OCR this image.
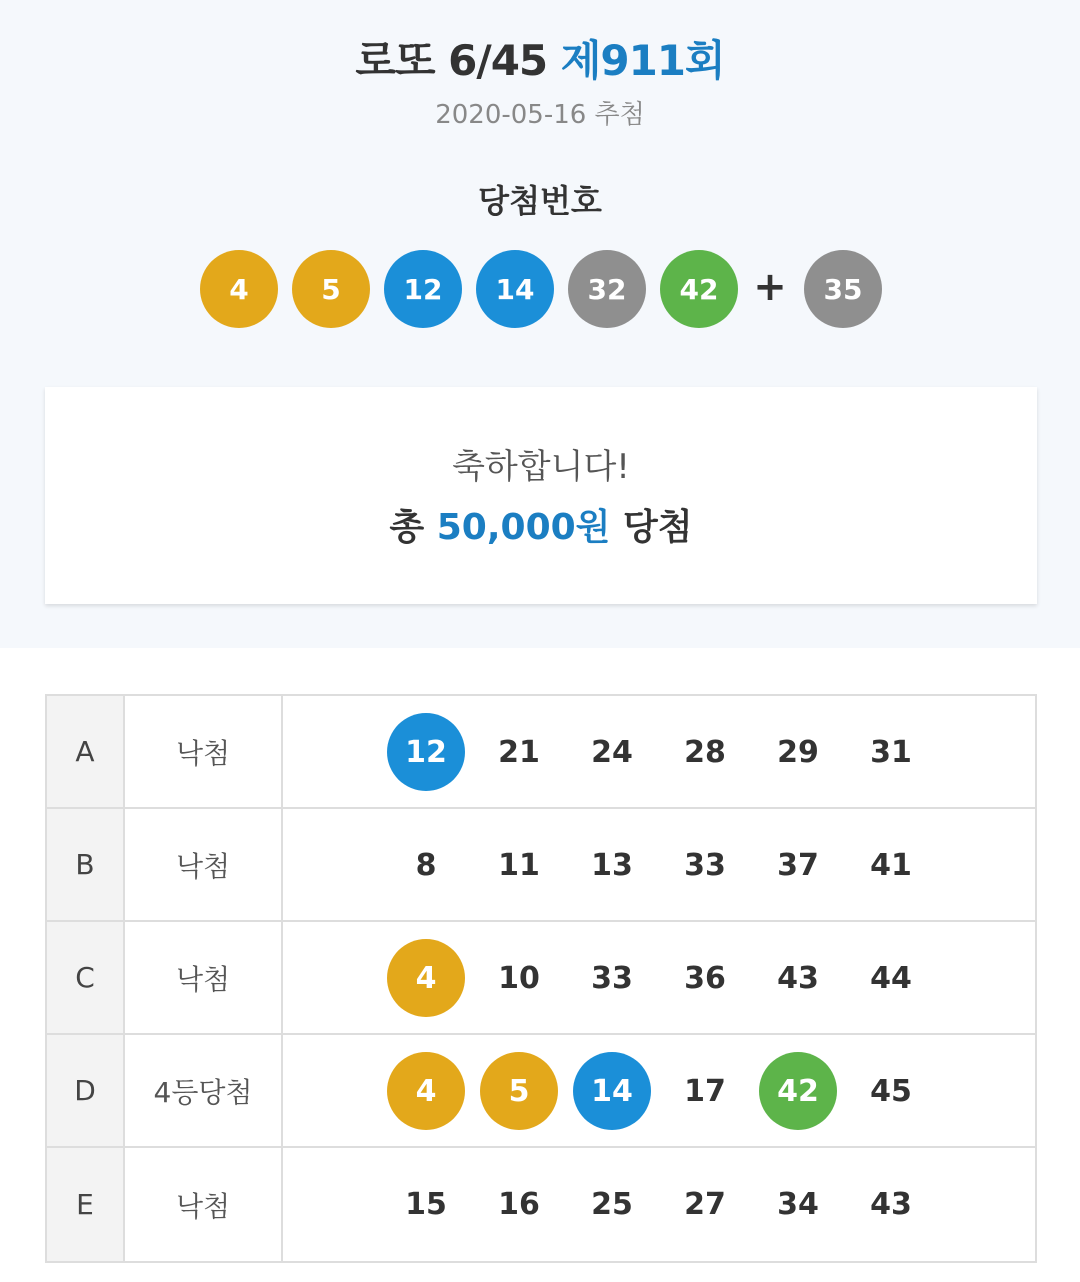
로또 6/45 제911회
2020-05-16 추첨
당첨번호
4	5	12	14	32	42 +	35
축하합니다!
총 50,000원 당첨
A	낙첨	12	21	24	28	29	31
B	낙첨	8	11	13	33	37	41
C	낙첨	4	10	33	36	43	44
D	4등당첨	4	5	14	17	42	45
E	낙첨	15	16	25	27	34	43
